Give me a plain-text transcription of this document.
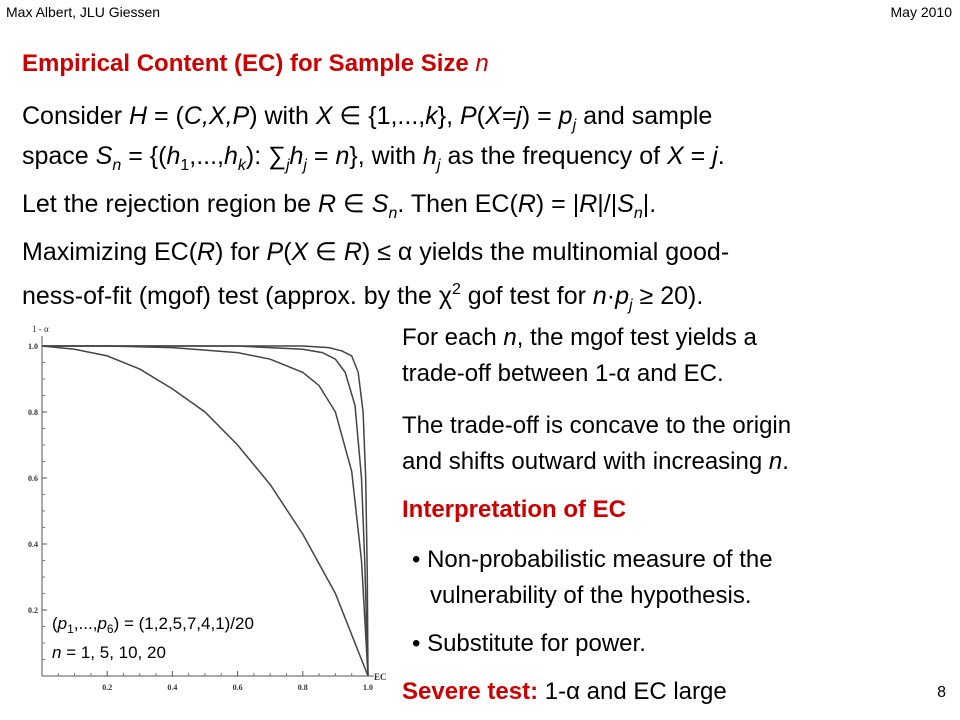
Max Albert, JLU Giessen	May 2010
Empirical Content (EC) for Sample Size n
Consider H = (C,X,P) with X ∈ {1,...,k}, $P(X=j) = p_j$ and sample
space $S_n = \{(h_1,...,h_k)$: $\sum_jh_j = n$}, with $h_j$ as the frequency of X = j.
Let the rejection region be R ∈ $S_n$. Then $EC(R) = |R|/|S_n|$.
Maximizing EC(R) for P(X ∈ R) ≤ α yields the multinomial good-
ness-of-fit (mgof) test (approx. by the $\chi^2$ gof test for $n\cdot p_j \ge 20$).
For each n, the mgof test yields a
trade-off between 1-α and EC.
The trade-off is concave to the origin
and shifts outward with increasing n.
Interpretation of EC
• Non-probabilistic measure of the
vulnerability of the hypothesis.
• Substitute for power.
Severe test: 1-α and EC large	8
0.2	0.4	0.6	0.8	1.0
0.2
0.4
0.6
0.8
1.0
1 - α
EC
$(p_1,...,p_6) = (1,2,5,7,4,1)/20$
n = 1, 5, 10, 20
